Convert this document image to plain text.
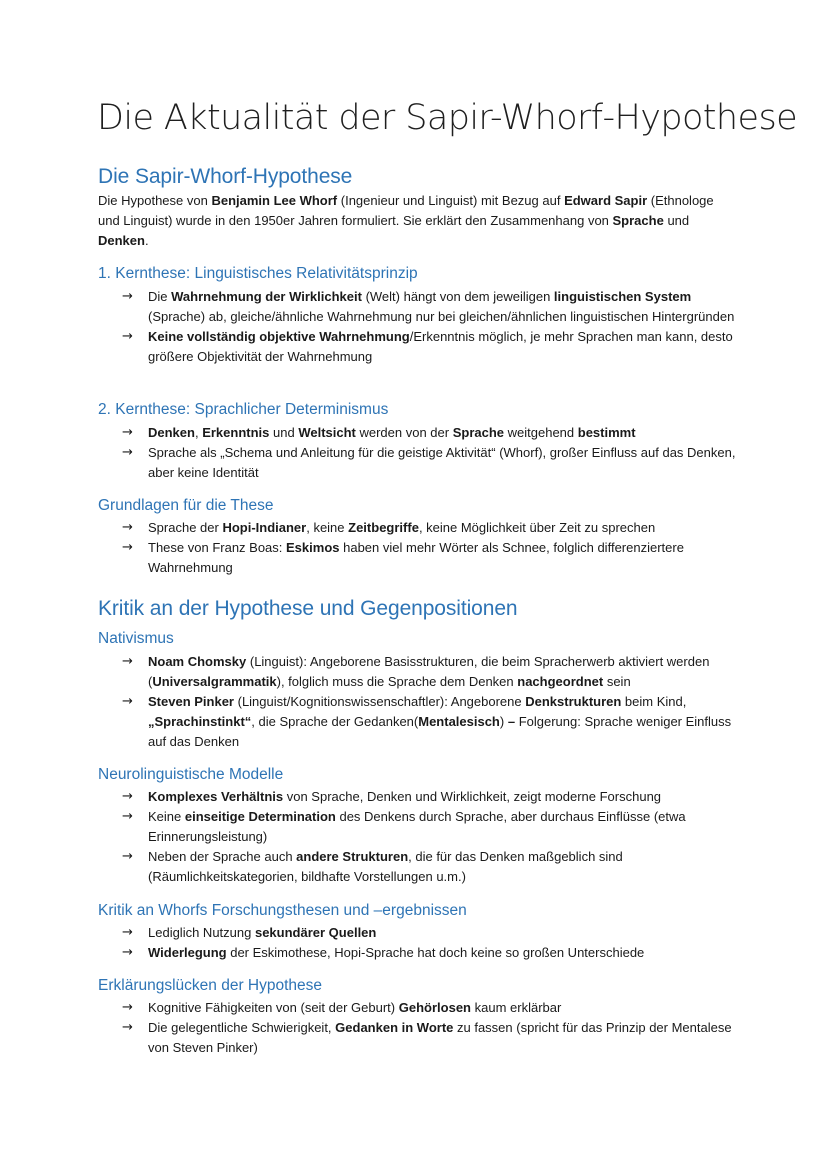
Die Aktualität der Sapir-Whorf-Hypothese
Die Sapir-Whorf-Hypothese

Die Hypothese von Benjamin Lee Whorf (Ingenieur und Linguist) mit Bezug auf Edward Sapir (Ethnologe und Linguist) wurde in den 1950er Jahren formuliert. Sie erklärt den Zusammenhang von Sprache und Denken.

1. Kernthese: Linguistisches Relativitätsprinzip
→ Die Wahrnehmung der Wirklichkeit (Welt) hängt von dem jeweiligen linguistischen System (Sprache) ab, gleiche/ähnliche Wahrnehmung nur bei gleichen/ähnlichen linguistischen Hintergründen
→ Keine vollständig objektive Wahrnehmung/Erkenntnis möglich, je mehr Sprachen man kann, desto größere Objektivität der Wahrnehmung
2. Kernthese: Sprachlicher Determinismus
→ Denken, Erkenntnis und Weltsicht werden von der Sprache weitgehend bestimmt
→ Sprache als „Schema und Anleitung für die geistige Aktivität“ (Whorf), großer Einfluss auf das Denken, aber keine Identität
Grundlagen für die These
→ Sprache der Hopi-Indianer, keine Zeitbegriffe, keine Möglichkeit über Zeit zu sprechen
→ These von Franz Boas: Eskimos haben viel mehr Wörter als Schnee, folglich differenziertere Wahrnehmung
Kritik an der Hypothese und Gegenpositionen
Nativismus
→ Noam Chomsky (Linguist): Angeborene Basisstrukturen, die beim Spracherwerb aktiviert werden (Universalgrammatik), folglich muss die Sprache dem Denken nachgeordnet sein
→ Steven Pinker (Linguist/Kognitionswissenschaftler): Angeborene Denkstrukturen beim Kind, „Sprachinstinkt“, die Sprache der Gedanken(Mentalesisch) – Folgerung: Sprache weniger Einfluss auf das Denken
Neurolinguistische Modelle
→ Komplexes Verhältnis von Sprache, Denken und Wirklichkeit, zeigt moderne Forschung
→ Keine einseitige Determination des Denkens durch Sprache, aber durchaus Einflüsse (etwa Erinnerungsleistung)
→ Neben der Sprache auch andere Strukturen, die für das Denken maßgeblich sind (Räumlichkeitskategorien, bildhafte Vorstellungen u.m.)
Kritik an Whorfs Forschungsthesen und –ergebnissen
→ Lediglich Nutzung sekundärer Quellen
→ Widerlegung der Eskimothese, Hopi-Sprache hat doch keine so großen Unterschiede
Erklärungslücken der Hypothese
→ Kognitive Fähigkeiten von (seit der Geburt) Gehörlosen kaum erklärbar
→ Die gelegentliche Schwierigkeit, Gedanken in Worte zu fassen (spricht für das Prinzip der Mentalese von Steven Pinker)
